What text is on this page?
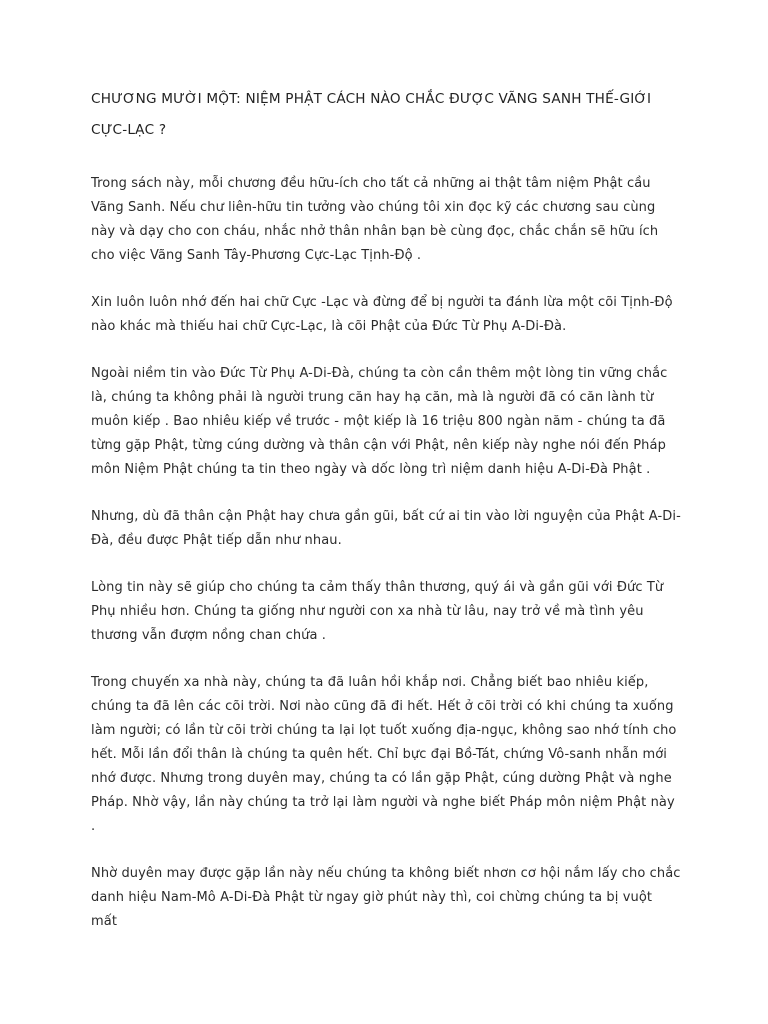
CHƯƠNG MƯỜI MỘT: NIỆM PHẬT CÁCH NÀO CHẮC ĐƯỢC VÃNG SANH THẾ-GIỚI CỰC-LẠC ?

Trong sách này, mỗi chương đều hữu-ích cho tất cả những ai thật tâm niệm Phật cầu Vãng Sanh. Nếu chư liên-hữu tin tưởng vào chúng tôi xin đọc kỹ các chương sau cùng này và dạy cho con cháu, nhắc nhở thân nhân bạn bè cùng đọc, chắc chắn sẽ hữu ích cho việc Vãng Sanh Tây-Phương Cực-Lạc Tịnh-Độ .

Xin luôn luôn nhớ đến hai chữ Cực -Lạc và đừng để bị người ta đánh lừa một cõi Tịnh-Độ nào khác mà thiếu hai chữ Cực-Lạc, là cõi Phật của Đức Từ Phụ A-Di-Đà.

Ngoài niềm tin vào Đức Từ Phụ A-Di-Đà, chúng ta còn cần thêm một lòng tin vững chắc là, chúng ta không phải là người trung căn hay hạ căn, mà là người đã có căn lành từ muôn kiếp . Bao nhiêu kiếp về trước - một kiếp là 16 triệu 800 ngàn năm - chúng ta đã từng gặp Phật, từng cúng dường và thân cận với Phật, nên kiếp này nghe nói đến Pháp môn Niệm Phật chúng ta tin theo ngày và dốc lòng trì niệm danh hiệu A-Di-Đà Phật .

Nhưng, dù đã thân cận Phật hay chưa gần gũi, bất cứ ai tin vào lời nguyện của Phật A-Di-Đà, đều được Phật tiếp dẫn như nhau.

Lòng tin này sẽ giúp cho chúng ta cảm thấy thân thương, quý ái và gần gũi với Đức Từ Phụ nhiều hơn. Chúng ta giống như người con xa nhà từ lâu, nay trở về mà tình yêu thương vẫn đượm nồng chan chứa .

Trong chuyến xa nhà này, chúng ta đã luân hồi khắp nơi. Chẳng biết bao nhiêu kiếp, chúng ta đã lên các cõi trời. Nơi nào cũng đã đi hết. Hết ở cõi trời có khi chúng ta xuống làm người; có lần từ cõi trời chúng ta lại lọt tuốt xuống địa-ngục, không sao nhớ tính cho hết. Mỗi lần đổi thân là chúng ta quên hết. Chỉ bực đại Bồ-Tát, chứng Vô-sanh nhẫn mới nhớ được. Nhưng trong duyên may, chúng ta có lần gặp Phật, cúng dường Phật và nghe Pháp. Nhờ vậy, lần này chúng ta trở lại làm người và nghe biết Pháp môn niệm Phật này .

Nhờ duyên may được gặp lần này nếu chúng ta không biết nhơn cơ hội nắm lấy cho chắc danh hiệu Nam-Mô A-Di-Đà Phật từ ngay giờ phút này thì, coi chừng chúng ta bị vuột mất
